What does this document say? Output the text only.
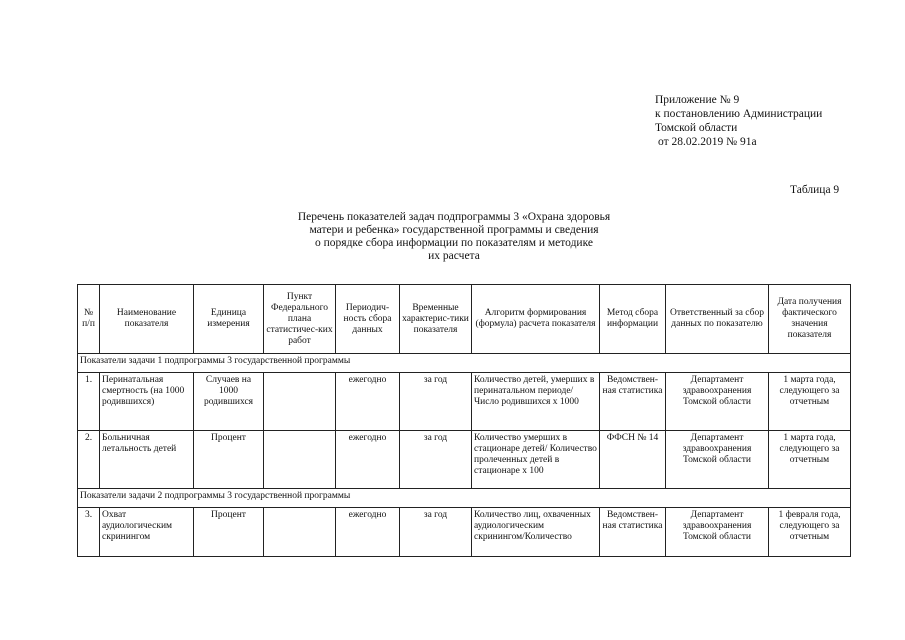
Приложение № 9
к постановлению Администрации
Томской области
от 28.02.2019 № 91а
Таблица 9
Перечень показателей задач подпрограммы 3 «Охрана здоровья
матери и ребенка» государственной программы и сведения
о порядке сбора информации по показателям и методике
их расчета
№ п/п	Наименование показателя	Единица измерения	Пункт Федерального плана статистичес-ких работ	Периодич-ность сбора данных	Временные характерис-тики показателя	Алгоритм формирования (формула) расчета показателя	Метод сбора информации	Ответственный за сбор данных по показателю	Дата получения фактического значения показателя
Показатели задачи 1 подпрограммы 3 государственной программы									
1.	Перинатальная смертность (на 1000 родившихся)	Случаев на 1000 родившихся		ежегодно	за год	Количество детей, умерших в перинатальном периоде/ Число родившихся х 1000	Ведомствен-ная статистика	Департамент здравоохранения Томской области	1 марта года, следующего за отчетным
2.	Больничная летальность детей	Процент		ежегодно	за год	Количество умерших в стационаре детей/ Количество пролеченных детей в стационаре х 100	ФФСН № 14	Департамент здравоохранения Томской области	1 марта года, следующего за отчетным
Показатели задачи 2 подпрограммы 3 государственной программы									
3.	Охват аудиологическим скринингом	Процент		ежегодно	за год	Количество лиц, охваченных аудиологическим скринингом/Количество	Ведомствен-ная статистика	Департамент здравоохранения Томской области	1 февраля года, следующего за отчетным
